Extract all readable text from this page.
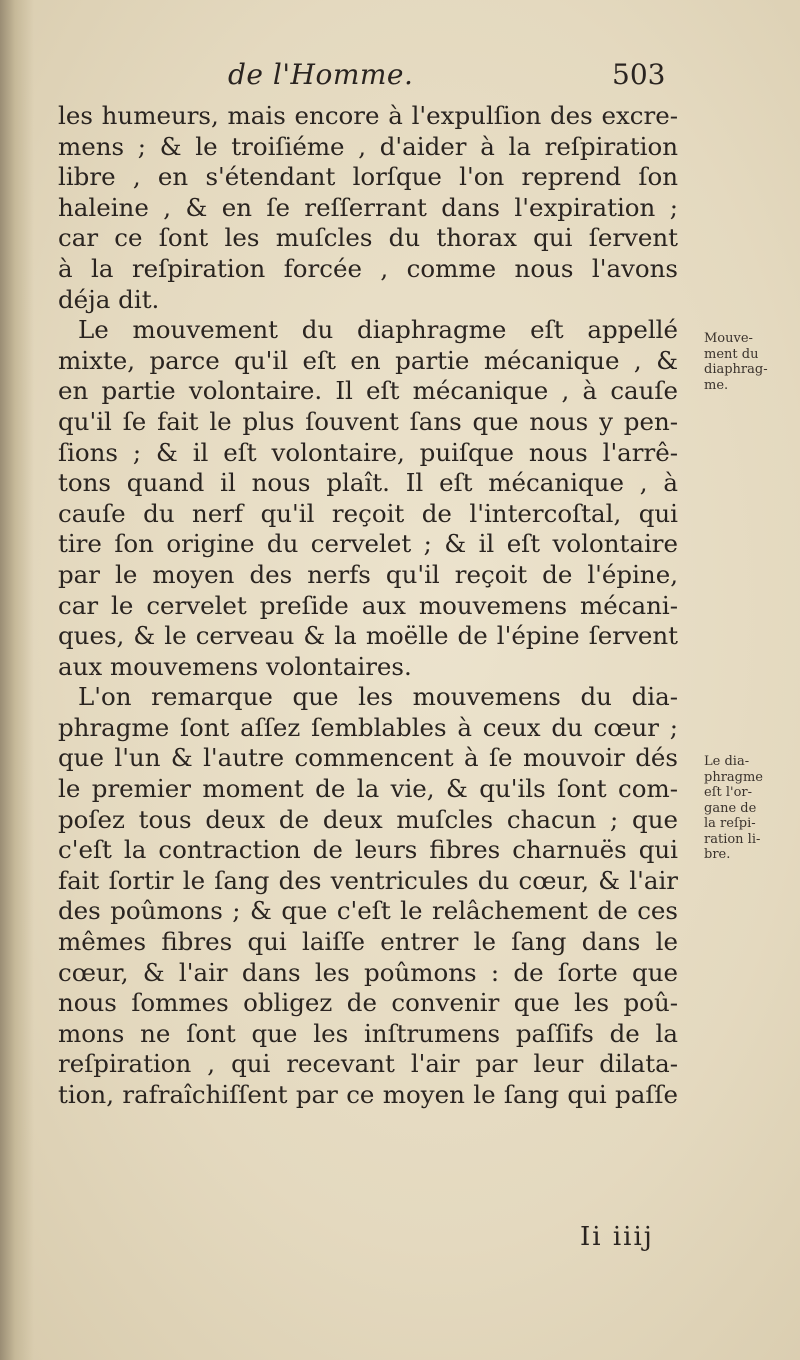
de l'Homme.	503
les humeurs, mais encore à l'expulſion des excre-
mens ; & le troiſiéme , d'aider à la reſpiration
libre , en s'étendant lorſque l'on reprend ſon
haleine , & en ſe reſſerrant dans l'expiration ;
car ce ſont les muſcles du thorax qui ſervent
à la reſpiration forcée , comme nous l'avons
déja dit.
Le mouvement du diaphragme eſt appellé
mixte, parce qu'il eſt en partie mécanique , &
en partie volontaire. Il eſt mécanique , à cauſe
qu'il ſe fait le plus ſouvent ſans que nous y pen-
ſions ; & il eſt volontaire, puiſque nous l'arrê-
tons quand il nous plaît. Il eſt mécanique , à
cauſe du nerf qu'il reçoit de l'intercoſtal, qui
tire ſon origine du cervelet ; & il eſt volontaire
par le moyen des nerfs qu'il reçoit de l'épine,
car le cervelet preſide aux mouvemens mécani-
ques, & le cerveau & la moëlle de l'épine ſervent
aux mouvemens volontaires.
L'on remarque que les mouvemens du dia-
phragme ſont aſſez ſemblables à ceux du cœur ;
que l'un & l'autre commencent à ſe mouvoir dés
le premier moment de la vie, & qu'ils ſont com-
poſez tous deux de deux muſcles chacun ; que
c'eſt la contraction de leurs fibres charnuës qui
fait ſortir le ſang des ventricules du cœur, & l'air
des poûmons ; & que c'eſt le relâchement de ces
mêmes fibres qui laiſſe entrer le ſang dans le
cœur, & l'air dans les poûmons : de ſorte que
nous ſommes obligez de convenir que les poû-
mons ne ſont que les inſtrumens paſſifs de la
reſpiration , qui recevant l'air par leur dilata-
tion, rafraîchiſſent par ce moyen le ſang qui paſſe
Mouve-
ment du
diaphrag-
me.
Le dia-
phragme
eſt l'or-
gane de
la reſpi-
ration li-
bre.
Ii iiij
